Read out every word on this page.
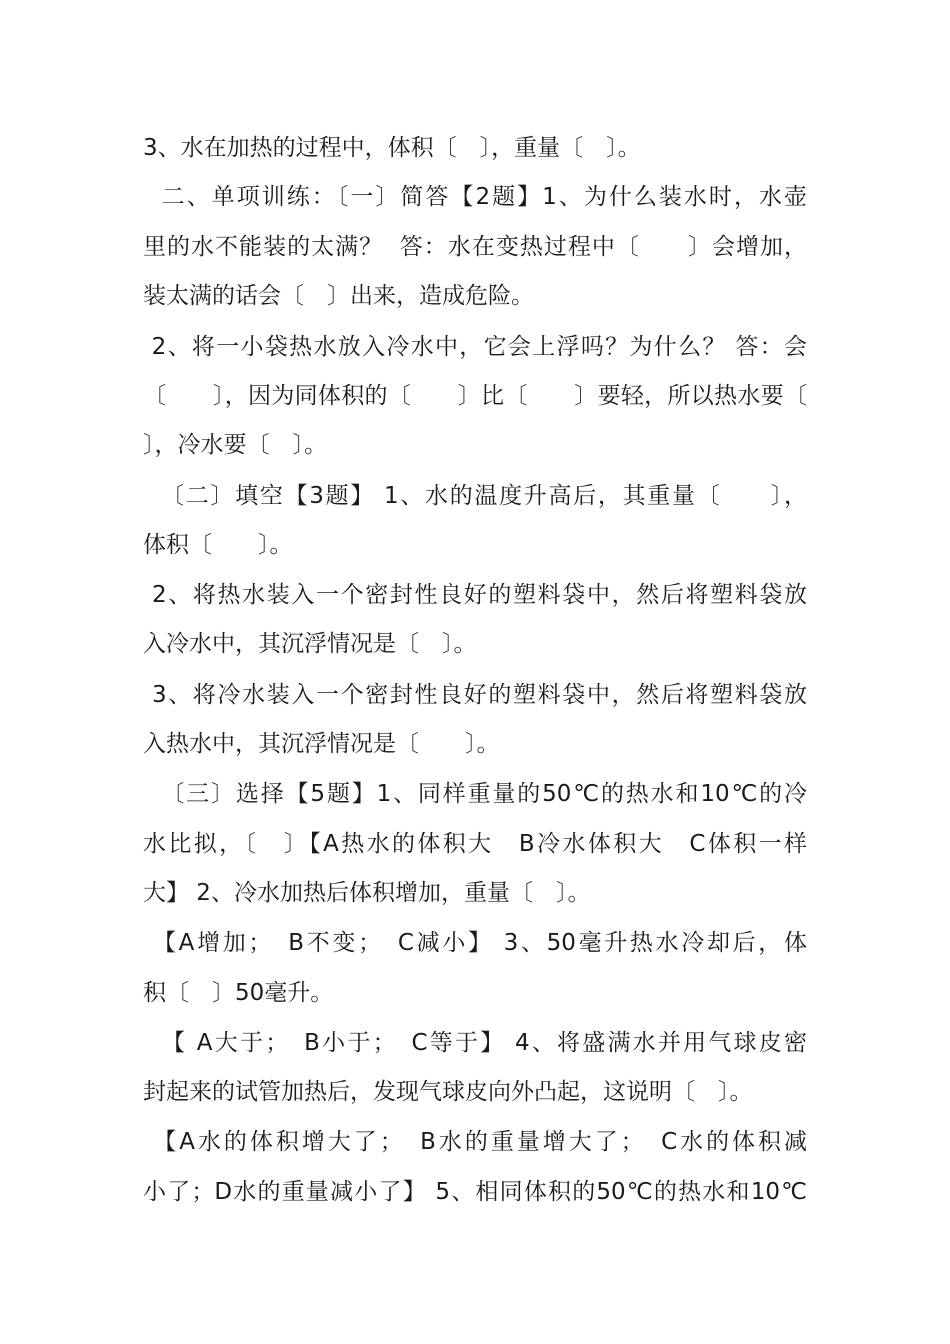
3、水在加热的过程中，体积〔　〕，重量〔　〕。
二、单项训练：〔一〕简答【2题】1、为什么装水时，水壶
里的水不能装的太满？  答：水在变热过程中〔　　〕会增加，
装太满的话会〔　〕出来，造成危险。
2、将一小袋热水放入冷水中，它会上浮吗？为什么？ 答：会
〔　　〕，因为同体积的〔　　〕比〔　　〕要轻，所以热水要〔
〕，冷水要〔　〕。
〔二〕填空【3题】 1、水的温度升高后，其重量〔　　〕，
体积〔　　〕。
2、将热水装入一个密封性良好的塑料袋中，然后将塑料袋放
入冷水中，其沉浮情况是〔　〕。
3、将冷水装入一个密封性良好的塑料袋中，然后将塑料袋放
入热水中，其沉浮情况是〔　　〕。
〔三〕选择【5题】1、同样重量的50℃的热水和10℃的冷
水比拟，〔　〕【A热水的体积大　B冷水体积大　C体积一样
大】 2、冷水加热后体积增加，重量〔　〕。
【A增加；　B不变；　C减小】 3、50毫升热水冷却后，体
积〔　〕50毫升。
【 A大于；　B小于；　C等于】 4、将盛满水并用气球皮密
封起来的试管加热后，发现气球皮向外凸起，这说明〔　〕。
【A水的体积增大了；　B水的重量增大了；　C水的体积减
小了；D水的重量减小了】 5、相同体积的50℃的热水和10℃
